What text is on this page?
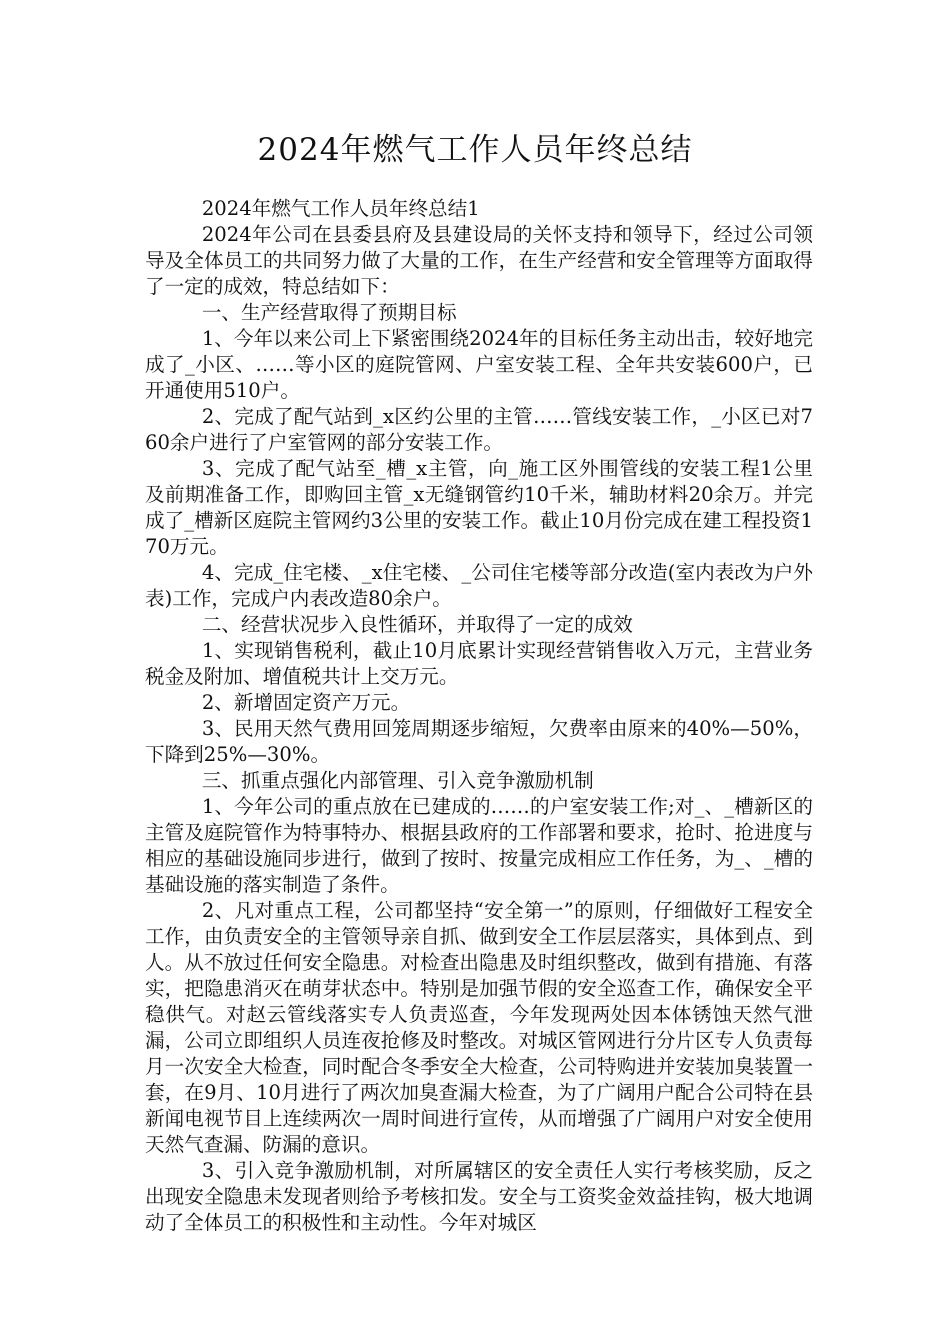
2024年燃气工作人员年终总结

2024年燃气工作人员年终总结1

2024年公司在县委县府及县建设局的关怀支持和领导下，经过公司领导及全体员工的共同努力做了大量的工作，在生产经营和安全管理等方面取得了一定的成效，特总结如下：

一、生产经营取得了预期目标

1、今年以来公司上下紧密围绕2024年的目标任务主动出击，较好地完成了_小区、……等小区的庭院管网、户室安装工程、全年共安装600户，已开通使用510户。

2、完成了配气站到_x区约公里的主管……管线安装工作，_小区已对760余户进行了户室管网的部分安装工作。

3、完成了配气站至_槽_x主管，向_施工区外围管线的安装工程1公里及前期准备工作，即购回主管_x无缝钢管约10千米，辅助材料20余万。并完成了_槽新区庭院主管网约3公里的安装工作。截止10月份完成在建工程投资170万元。

4、完成_住宅楼、_x住宅楼、_公司住宅楼等部分改造(室内表改为户外表)工作，完成户内表改造80余户。

二、经营状况步入良性循环，并取得了一定的成效

1、实现销售税利，截止10月底累计实现经营销售收入万元，主营业务税金及附加、增值税共计上交万元。

2、新增固定资产万元。

3、民用天然气费用回笼周期逐步缩短，欠费率由原来的40%—50%，下降到25%—30%。

三、抓重点强化内部管理、引入竞争激励机制

1、今年公司的重点放在已建成的……的户室安装工作;对_、_槽新区的主管及庭院管作为特事特办、根据县政府的工作部署和要求，抢时、抢进度与相应的基础设施同步进行，做到了按时、按量完成相应工作任务，为_、_槽的基础设施的落实制造了条件。

2、凡对重点工程，公司都坚持“安全第一”的原则，仔细做好工程安全工作，由负责安全的主管领导亲自抓、做到安全工作层层落实，具体到点、到人。从不放过任何安全隐患。对检查出隐患及时组织整改，做到有措施、有落实，把隐患消灭在萌芽状态中。特别是加强节假的安全巡查工作，确保安全平稳供气。对赵云管线落实专人负责巡查，今年发现两处因本体锈蚀天然气泄漏，公司立即组织人员连夜抢修及时整改。对城区管网进行分片区专人负责每月一次安全大检查，同时配合冬季安全大检查，公司特购进并安装加臭装置一套，在9月、10月进行了两次加臭查漏大检查，为了广阔用户配合公司特在县新闻电视节目上连续两次一周时间进行宣传，从而增强了广阔用户对安全使用天然气查漏、防漏的意识。

3、引入竞争激励机制，对所属辖区的安全责任人实行考核奖励，反之出现安全隐患未发现者则给予考核扣发。安全与工资奖金效益挂钩，极大地调动了全体员工的积极性和主动性。今年对城区
